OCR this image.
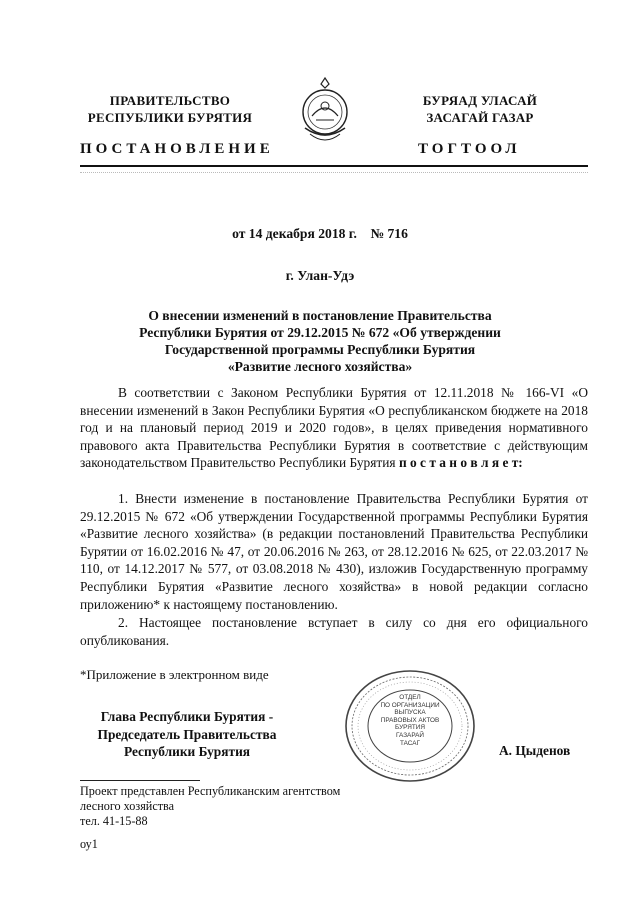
ПРАВИТЕЛЬСТВО
РЕСПУБЛИКИ БУРЯТИЯ
БУРЯАД УЛАСАЙ
ЗАСАГАЙ ГАЗАР
ПОСТАНОВЛЕНИЕ	ТОГТООЛ
от 14 декабря 2018 г.    № 716
г. Улан-Удэ
О внесении изменений в постановление Правительства
Республики Бурятия от 29.12.2015 № 672 «Об утверждении
Государственной программы Республики Бурятия
«Развитие лесного хозяйства»
В соответствии с Законом Республики Бурятия от 12.11.2018 № 166-VI «О внесении изменений в Закон Республики Бурятия «О республиканском бюджете на 2018 год и на плановый период 2019 и 2020 годов», в целях приведения нормативного правового акта Правительства Республики Бурятия в соответствие с действующим законодательством Правительство Республики Бурятия п о с т а н о в л я е т:
1. Внести изменение в постановление Правительства Республики Бурятия от 29.12.2015 № 672 «Об утверждении Государственной программы Республики Бурятия «Развитие лесного хозяйства» (в редакции постановлений Правительства Республики Бурятии от 16.02.2016 № 47, от 20.06.2016 № 263, от 28.12.2016 № 625, от 22.03.2017 № 110, от 14.12.2017 № 577, от 03.08.2018 № 430), изложив Государственную программу Республики Бурятия «Развитие лесного хозяйства» в новой редакции согласно приложению* к настоящему постановлению.
2. Настоящее постановление вступает в силу со дня его официального опубликования.
*Приложение в электронном виде
ОТДЕЛ
ПО ОРГАНИЗАЦИИ
ВЫПУСКА
ПРАВОВЫХ АКТОВ
БУРЯТИЯ
ГАЗАРАЙ
ТАСАГ
Глава Республики Бурятия -
Председатель Правительства
Республики Бурятия	А. Цыденов
Проект представлен Республиканским агентством
лесного хозяйства
тел. 41-15-88
оу1
